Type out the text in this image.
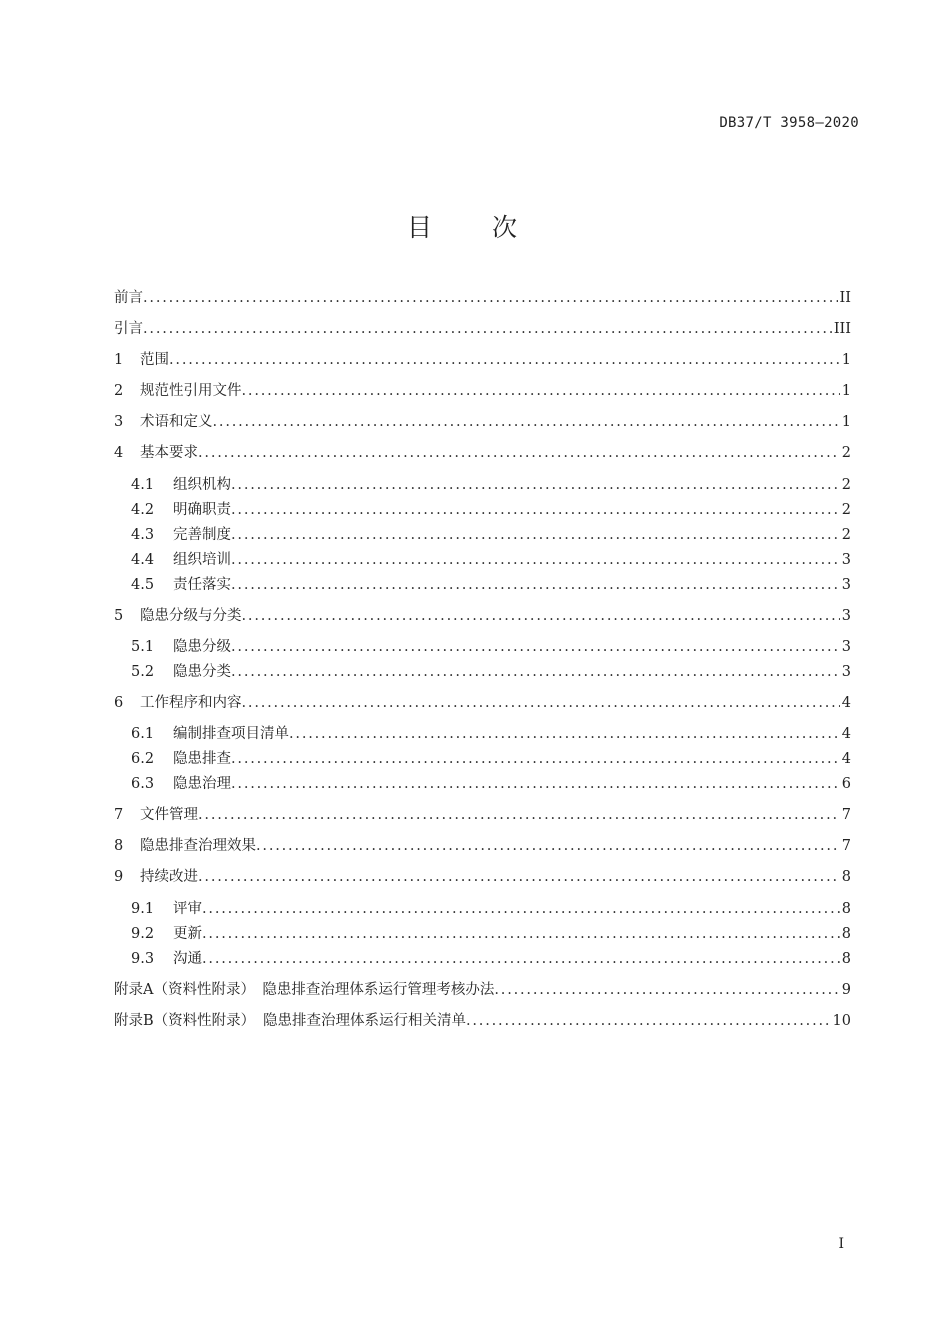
DB37/T 3958—2020
目 次
前言 .....	II
引言 .....	III
1	范围 .....	1
2	规范性引用文件 .....	1
3	术语和定义 .....	1
4	基本要求 .....	2
4.1	组织机构 .....	2
4.2	明确职责 .....	2
4.3	完善制度 .....	2
4.4	组织培训 .....	3
4.5	责任落实 .....	3
5	隐患分级与分类 .....	3
5.1	隐患分级 .....	3
5.2	隐患分类 .....	3
6	工作程序和内容 .....	4
6.1	编制排查项目清单 .....	4
6.2	隐患排查 .....	4
6.3	隐患治理 .....	6
7	文件管理 .....	7
8	隐患排查治理效果 .....	7
9	持续改进 .....	8
9.1	评审 .....	8
9.2	更新 .....	8
9.3	沟通 .....	8
附录A（资料性附录） 隐患排查治理体系运行管理考核办法 .....	9
附录B（资料性附录） 隐患排查治理体系运行相关清单 .....	10
I
